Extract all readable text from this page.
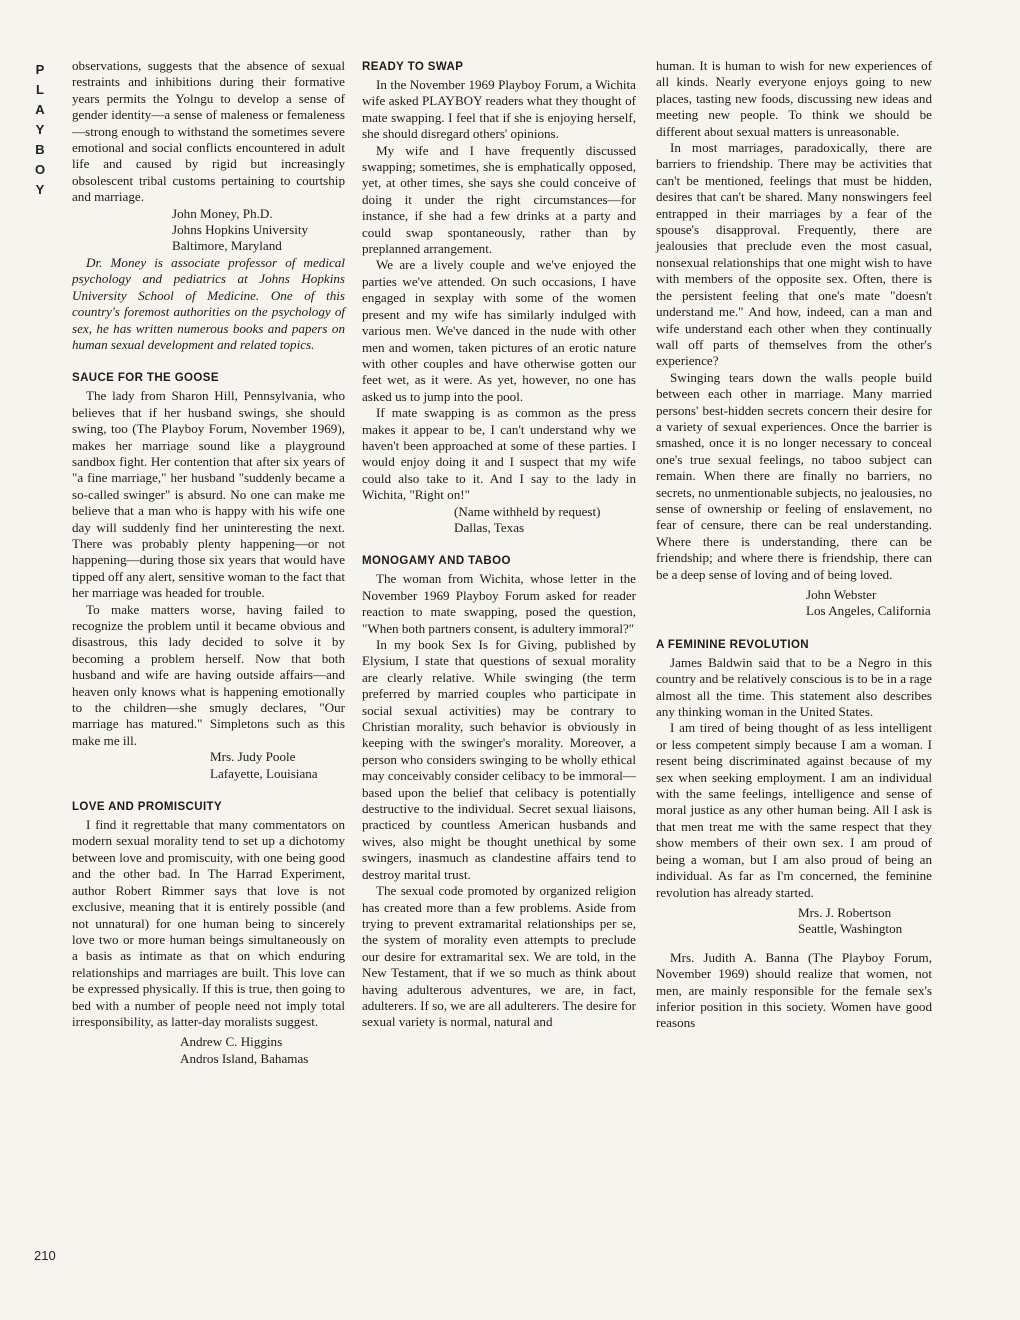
P
L
A
Y
B
O
Y
210

observations, suggests that the absence of sexual restraints and inhibitions during their formative years permits the Yolngu to develop a sense of gender identity—a sense of maleness or femaleness—strong enough to withstand the sometimes severe emotional and social conflicts encountered in adult life and caused by rigid but increasingly obsolescent tribal customs pertaining to courtship and marriage.

John Money, Ph.D.
Johns Hopkins University
Baltimore, Maryland

Dr. Money is associate professor of medical psychology and pediatrics at Johns Hopkins University School of Medicine. One of this country's foremost authorities on the psychology of sex, he has written numerous books and papers on human sexual development and related topics.

SAUCE FOR THE GOOSE

The lady from Sharon Hill, Pennsylvania, who believes that if her husband swings, she should swing, too (The Playboy Forum, November 1969), makes her marriage sound like a playground sandbox fight. Her contention that after six years of "a fine marriage," her husband "suddenly became a so-called swinger" is absurd. No one can make me believe that a man who is happy with his wife one day will suddenly find her uninteresting the next. There was probably plenty happening—or not happening—during those six years that would have tipped off any alert, sensitive woman to the fact that her marriage was headed for trouble.

To make matters worse, having failed to recognize the problem until it became obvious and disastrous, this lady decided to solve it by becoming a problem herself. Now that both husband and wife are having outside affairs—and heaven only knows what is happening emotionally to the children—she smugly declares, "Our marriage has matured." Simpletons such as this make me ill.

Mrs. Judy Poole
Lafayette, Louisiana
LOVE AND PROMISCUITY

I find it regrettable that many commentators on modern sexual morality tend to set up a dichotomy between love and promiscuity, with one being good and the other bad. In The Harrad Experiment, author Robert Rimmer says that love is not exclusive, meaning that it is entirely possible (and not unnatural) for one human being to sincerely love two or more human beings simultaneously on a basis as intimate as that on which enduring relationships and marriages are built. This love can be expressed physically. If this is true, then going to bed with a number of people need not imply total irresponsibility, as latter-day moralists suggest.

Andrew C. Higgins
Andros Island, Bahamas
READY TO SWAP

In the November 1969 Playboy Forum, a Wichita wife asked PLAYBOY readers what they thought of mate swapping. I feel that if she is enjoying herself, she should disregard others' opinions.

My wife and I have frequently discussed swapping; sometimes, she is emphatically opposed, yet, at other times, she says she could conceive of doing it under the right circumstances—for instance, if she had a few drinks at a party and could swap spontaneously, rather than by preplanned arrangement.

We are a lively couple and we've enjoyed the parties we've attended. On such occasions, I have engaged in sexplay with some of the women present and my wife has similarly indulged with various men. We've danced in the nude with other men and women, taken pictures of an erotic nature with other couples and have otherwise gotten our feet wet, as it were. As yet, however, no one has asked us to jump into the pool.

If mate swapping is as common as the press makes it appear to be, I can't understand why we haven't been approached at some of these parties. I would enjoy doing it and I suspect that my wife could also take to it. And I say to the lady in Wichita, "Right on!"

(Name withheld by request)
Dallas, Texas
MONOGAMY AND TABOO

The woman from Wichita, whose letter in the November 1969 Playboy Forum asked for reader reaction to mate swapping, posed the question, "When both partners consent, is adultery immoral?"

In my book Sex Is for Giving, published by Elysium, I state that questions of sexual morality are clearly relative. While swinging (the term preferred by married couples who participate in social sexual activities) may be contrary to Christian morality, such behavior is obviously in keeping with the swinger's morality. Moreover, a person who considers swinging to be wholly ethical may conceivably consider celibacy to be immoral—based upon the belief that celibacy is potentially destructive to the individual. Secret sexual liaisons, practiced by countless American husbands and wives, also might be thought unethical by some swingers, inasmuch as clandestine affairs tend to destroy marital trust.

The sexual code promoted by organized religion has created more than a few problems. Aside from trying to prevent extramarital relationships per se, the system of morality even attempts to preclude our desire for extramarital sex. We are told, in the New Testament, that if we so much as think about having adulterous adventures, we are, in fact, adulterers. If so, we are all adulterers. The desire for sexual variety is normal, natural and

human. It is human to wish for new experiences of all kinds. Nearly everyone enjoys going to new places, tasting new foods, discussing new ideas and meeting new people. To think we should be different about sexual matters is unreasonable.

In most marriages, paradoxically, there are barriers to friendship. There may be activities that can't be mentioned, feelings that must be hidden, desires that can't be shared. Many nonswingers feel entrapped in their marriages by a fear of the spouse's disapproval. Frequently, there are jealousies that preclude even the most casual, nonsexual relationships that one might wish to have with members of the opposite sex. Often, there is the persistent feeling that one's mate "doesn't understand me." And how, indeed, can a man and wife understand each other when they continually wall off parts of themselves from the other's experience?

Swinging tears down the walls people build between each other in marriage. Many married persons' best-hidden secrets concern their desire for a variety of sexual experiences. Once the barrier is smashed, once it is no longer necessary to conceal one's true sexual feelings, no taboo subject can remain. When there are finally no barriers, no secrets, no unmentionable subjects, no jealousies, no sense of ownership or feeling of enslavement, no fear of censure, there can be real understanding. Where there is understanding, there can be friendship; and where there is friendship, there can be a deep sense of loving and of being loved.

John Webster
Los Angeles, California
A FEMININE REVOLUTION

James Baldwin said that to be a Negro in this country and be relatively conscious is to be in a rage almost all the time. This statement also describes any thinking woman in the United States.

I am tired of being thought of as less intelligent or less competent simply because I am a woman. I resent being discriminated against because of my sex when seeking employment. I am an individual with the same feelings, intelligence and sense of moral justice as any other human being. All I ask is that men treat me with the same respect that they show members of their own sex. I am proud of being a woman, but I am also proud of being an individual. As far as I'm concerned, the feminine revolution has already started.

Mrs. J. Robertson
Seattle, Washington

Mrs. Judith A. Banna (The Playboy Forum, November 1969) should realize that women, not men, are mainly responsible for the female sex's inferior position in this society. Women have good reasons
